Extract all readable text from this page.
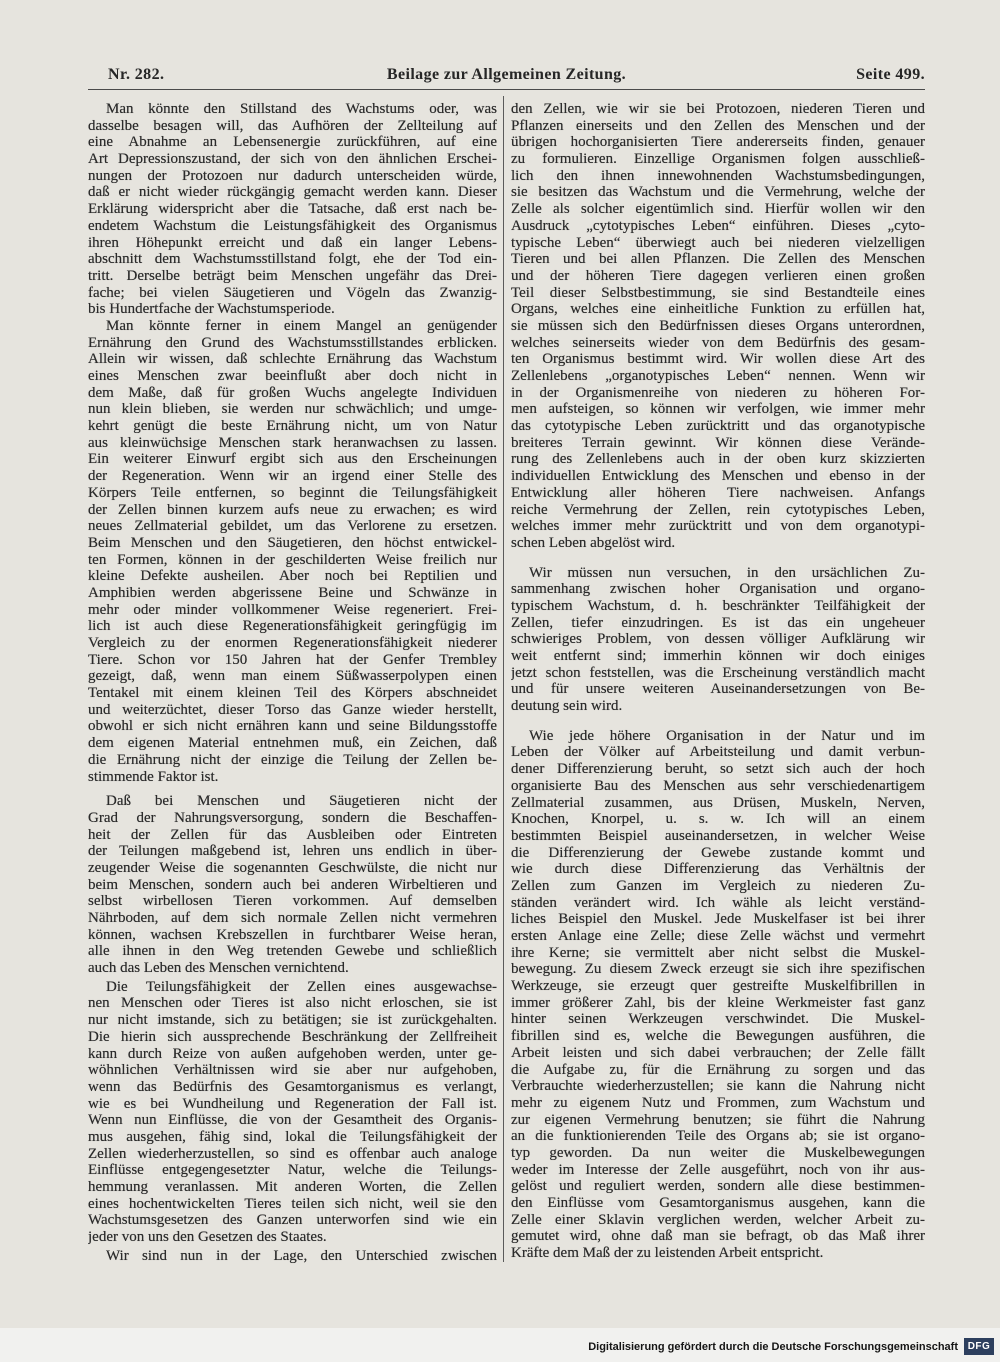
Beilage zur Allgemeinen Zeitung.
Nr. 282.	Seite 499.
Man könnte den Stillstand des Wachstums oder, was
dasselbe besagen will, das Aufhören der Zellteilung auf
eine Abnahme an Lebensenergie zurückführen, auf eine
Art Depressionszustand, der sich von den ähnlichen Erschei-
nungen der Protozoen nur dadurch unterscheiden würde,
daß er nicht wieder rückgängig gemacht werden kann. Dieser
Erklärung widerspricht aber die Tatsache, daß erst nach be-
endetem Wachstum die Leistungsfähigkeit des Organismus
ihren Höhepunkt erreicht und daß ein langer Lebens-
abschnitt dem Wachstumsstillstand folgt, ehe der Tod ein-
tritt. Derselbe beträgt beim Menschen ungefähr das Drei-
fache; bei vielen Säugetieren und Vögeln das Zwanzig-
bis Hundertfache der Wachstumsperiode.
Man könnte ferner in einem Mangel an genügender
Ernährung den Grund des Wachstumsstillstandes erblicken.
Allein wir wissen, daß schlechte Ernährung das Wachstum
eines Menschen zwar beeinflußt aber doch nicht in
dem Maße, daß für großen Wuchs angelegte Individuen
nun klein blieben, sie werden nur schwächlich; und umge-
kehrt genügt die beste Ernährung nicht, um von Natur
aus kleinwüchsige Menschen stark heranwachsen zu lassen.
Ein weiterer Einwurf ergibt sich aus den Erscheinungen
der Regeneration. Wenn wir an irgend einer Stelle des
Körpers Teile entfernen, so beginnt die Teilungsfähigkeit
der Zellen binnen kurzem aufs neue zu erwachen; es wird
neues Zellmaterial gebildet, um das Verlorene zu ersetzen.
Beim Menschen und den Säugetieren, den höchst entwickel-
ten Formen, können in der geschilderten Weise freilich nur
kleine Defekte ausheilen. Aber noch bei Reptilien und
Amphibien werden abgerissene Beine und Schwänze in
mehr oder minder vollkommener Weise regeneriert. Frei-
lich ist auch diese Regenerationsfähigkeit geringfügig im
Vergleich zu der enormen Regenerationsfähigkeit niederer
Tiere. Schon vor 150 Jahren hat der Genfer Trembley
gezeigt, daß, wenn man einem Süßwasserpolypen einen
Tentakel mit einem kleinen Teil des Körpers abschneidet
und weiterzüchtet, dieser Torso das Ganze wieder herstellt,
obwohl er sich nicht ernähren kann und seine Bildungsstoffe
dem eigenen Material entnehmen muß, ein Zeichen, daß
die Ernährung nicht der einzige die Teilung der Zellen be-
stimmende Faktor ist.
Daß bei Menschen und Säugetieren nicht der
Grad der Nahrungsversorgung, sondern die Beschaffen-
heit der Zellen für das Ausbleiben oder Eintreten
der Teilungen maßgebend ist, lehren uns endlich in über-
zeugender Weise die sogenannten Geschwülste, die nicht nur
beim Menschen, sondern auch bei anderen Wirbeltieren und
selbst wirbellosen Tieren vorkommen. Auf demselben
Nährboden, auf dem sich normale Zellen nicht vermehren
können, wachsen Krebszellen in furchtbarer Weise heran,
alle ihnen in den Weg tretenden Gewebe und schließlich
auch das Leben des Menschen vernichtend.
Die Teilungsfähigkeit der Zellen eines ausgewachse-
nen Menschen oder Tieres ist also nicht erloschen, sie ist
nur nicht imstande, sich zu betätigen; sie ist zurückgehalten.
Die hierin sich aussprechende Beschränkung der Zellfreiheit
kann durch Reize von außen aufgehoben werden, unter ge-
wöhnlichen Verhältnissen wird sie aber nur aufgehoben,
wenn das Bedürfnis des Gesamtorganismus es verlangt,
wie es bei Wundheilung und Regeneration der Fall ist.
Wenn nun Einflüsse, die von der Gesamtheit des Organis-
mus ausgehen, fähig sind, lokal die Teilungsfähigkeit der
Zellen wiederherzustellen, so sind es offenbar auch analoge
Einflüsse entgegengesetzter Natur, welche die Teilungs-
hemmung veranlassen. Mit anderen Worten, die Zellen
eines hochentwickelten Tieres teilen sich nicht, weil sie den
Wachstumsgesetzen des Ganzen unterworfen sind wie ein
jeder von uns den Gesetzen des Staates.
Wir sind nun in der Lage, den Unterschied zwischen
den Zellen, wie wir sie bei Protozoen, niederen Tieren und
Pflanzen einerseits und den Zellen des Menschen und der
übrigen hochorganisierten Tiere andererseits finden, genauer
zu formulieren. Einzellige Organismen folgen ausschließ-
lich den ihnen innewohnenden Wachstumsbedingungen,
sie besitzen das Wachstum und die Vermehrung, welche der
Zelle als solcher eigentümlich sind. Hierfür wollen wir den
Ausdruck „cytotypisches Leben“ einführen. Dieses „cyto-
typische Leben“ überwiegt auch bei niederen vielzelligen
Tieren und bei allen Pflanzen. Die Zellen des Menschen
und der höheren Tiere dagegen verlieren einen großen
Teil dieser Selbstbestimmung, sie sind Bestandteile eines
Organs, welches eine einheitliche Funktion zu erfüllen hat,
sie müssen sich den Bedürfnissen dieses Organs unterordnen,
welches seinerseits wieder von dem Bedürfnis des gesam-
ten Organismus bestimmt wird. Wir wollen diese Art des
Zellenlebens „organotypisches Leben“ nennen. Wenn wir
in der Organismenreihe von niederen zu höheren For-
men aufsteigen, so können wir verfolgen, wie immer mehr
das cytotypische Leben zurücktritt und das organotypische
breiteres Terrain gewinnt. Wir können diese Verände-
rung des Zellenlebens auch in der oben kurz skizzierten
individuellen Entwicklung des Menschen und ebenso in der
Entwicklung aller höheren Tiere nachweisen. Anfangs
reiche Vermehrung der Zellen, rein cytotypisches Leben,
welches immer mehr zurücktritt und von dem organotypi-
schen Leben abgelöst wird.
Wir müssen nun versuchen, in den ursächlichen Zu-
sammenhang zwischen hoher Organisation und organo-
typischem Wachstum, d. h. beschränkter Teilfähigkeit der
Zellen, tiefer einzudringen. Es ist das ein ungeheuer
schwieriges Problem, von dessen völliger Aufklärung wir
weit entfernt sind; immerhin können wir doch einiges
jetzt schon feststellen, was die Erscheinung verständlich macht
und für unsere weiteren Auseinandersetzungen von Be-
deutung sein wird.
Wie jede höhere Organisation in der Natur und im
Leben der Völker auf Arbeitsteilung und damit verbun-
dener Differenzierung beruht, so setzt sich auch der hoch
organisierte Bau des Menschen aus sehr verschiedenartigem
Zellmaterial zusammen, aus Drüsen, Muskeln, Nerven,
Knochen, Knorpel, u. s. w. Ich will an einem
bestimmten Beispiel auseinandersetzen, in welcher Weise
die Differenzierung der Gewebe zustande kommt und
wie durch diese Differenzierung das Verhältnis der
Zellen zum Ganzen im Vergleich zu niederen Zu-
ständen verändert wird. Ich wähle als leicht verständ-
liches Beispiel den Muskel. Jede Muskelfaser ist bei ihrer
ersten Anlage eine Zelle; diese Zelle wächst und vermehrt
ihre Kerne; sie vermittelt aber nicht selbst die Muskel-
bewegung. Zu diesem Zweck erzeugt sie sich ihre spezifischen
Werkzeuge, sie erzeugt quer gestreifte Muskelfibrillen in
immer größerer Zahl, bis der kleine Werkmeister fast ganz
hinter seinen Werkzeugen verschwindet. Die Muskel-
fibrillen sind es, welche die Bewegungen ausführen, die
Arbeit leisten und sich dabei verbrauchen; der Zelle fällt
die Aufgabe zu, für die Ernährung zu sorgen und das
Verbrauchte wiederherzustellen; sie kann die Nahrung nicht
mehr zu eigenem Nutz und Frommen, zum Wachstum und
zur eigenen Vermehrung benutzen; sie führt die Nahrung
an die funktionierenden Teile des Organs ab; sie ist organo-
typ geworden. Da nun weiter die Muskelbewegungen
weder im Interesse der Zelle ausgeführt, noch von ihr aus-
gelöst und reguliert werden, sondern alle diese bestimmen-
den Einflüsse vom Gesamtorganismus ausgehen, kann die
Zelle einer Sklavin verglichen werden, welcher Arbeit zu-
gemutet wird, ohne daß man sie befragt, ob das Maß ihrer
Kräfte dem Maß der zu leistenden Arbeit entspricht.
Digitalisierung gefördert durch die Deutsche Forschungsgemeinschaft DFG
